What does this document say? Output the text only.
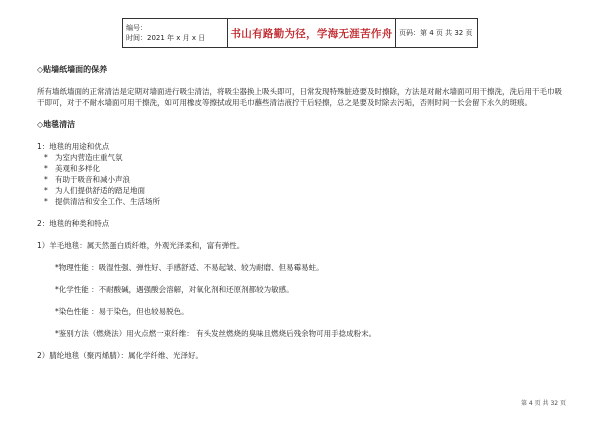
编号：
时间：2021 年 x 月 x 日	书山有路勤为径，学海无涯苦作舟 页码：第 4 页 共 32 页

◇贴墙纸墙面的保养

所有墙纸墙面的正常清洁是定期对墙面进行吸尘清洁，将吸尘器换上吸头即可，日常发现特殊脏迹要及时擦除，方法是对耐水墙面可用干擦洗，洗后用干毛巾吸干即可，对于不耐水墙面可用干擦洗，如可用橡皮等擦拭或用毛巾蘸些清洁液拧干后轻擦，总之是要及时除去污垢，否则时间一长会留下永久的斑痕。

◇地毯清洁

1：地毯的用途和优点

* 为室内营造庄重气氛
* 美观和多样化
* 有助于吸音和减小声浪
* 为人们提供舒适的踏足地面
* 提供清洁和安全工作、生活场所

2：地毯的种类和特点

1）羊毛地毯：属天然蛋白质纤维，外观光泽柔和，富有弹性。

*物理性能 ：吸湿性强、弹性好、手感舒适、不易起皱、较为耐磨、但易霉易蛀。

*化学性能 ：不耐酸碱，遇强酸会溶解，对氧化剂和还原剂都较为敏感。

*染色性能 ：易于染色，但也较易脱色。

*鉴别方法（燃烧法）用火点燃一束纤维： 有头发丝燃烧的臭味且燃烧后残余物可用手捻成粉末。

2）腈纶地毯（聚丙烯腈）：属化学纤维、光泽好。

第 4 页 共 32 页
